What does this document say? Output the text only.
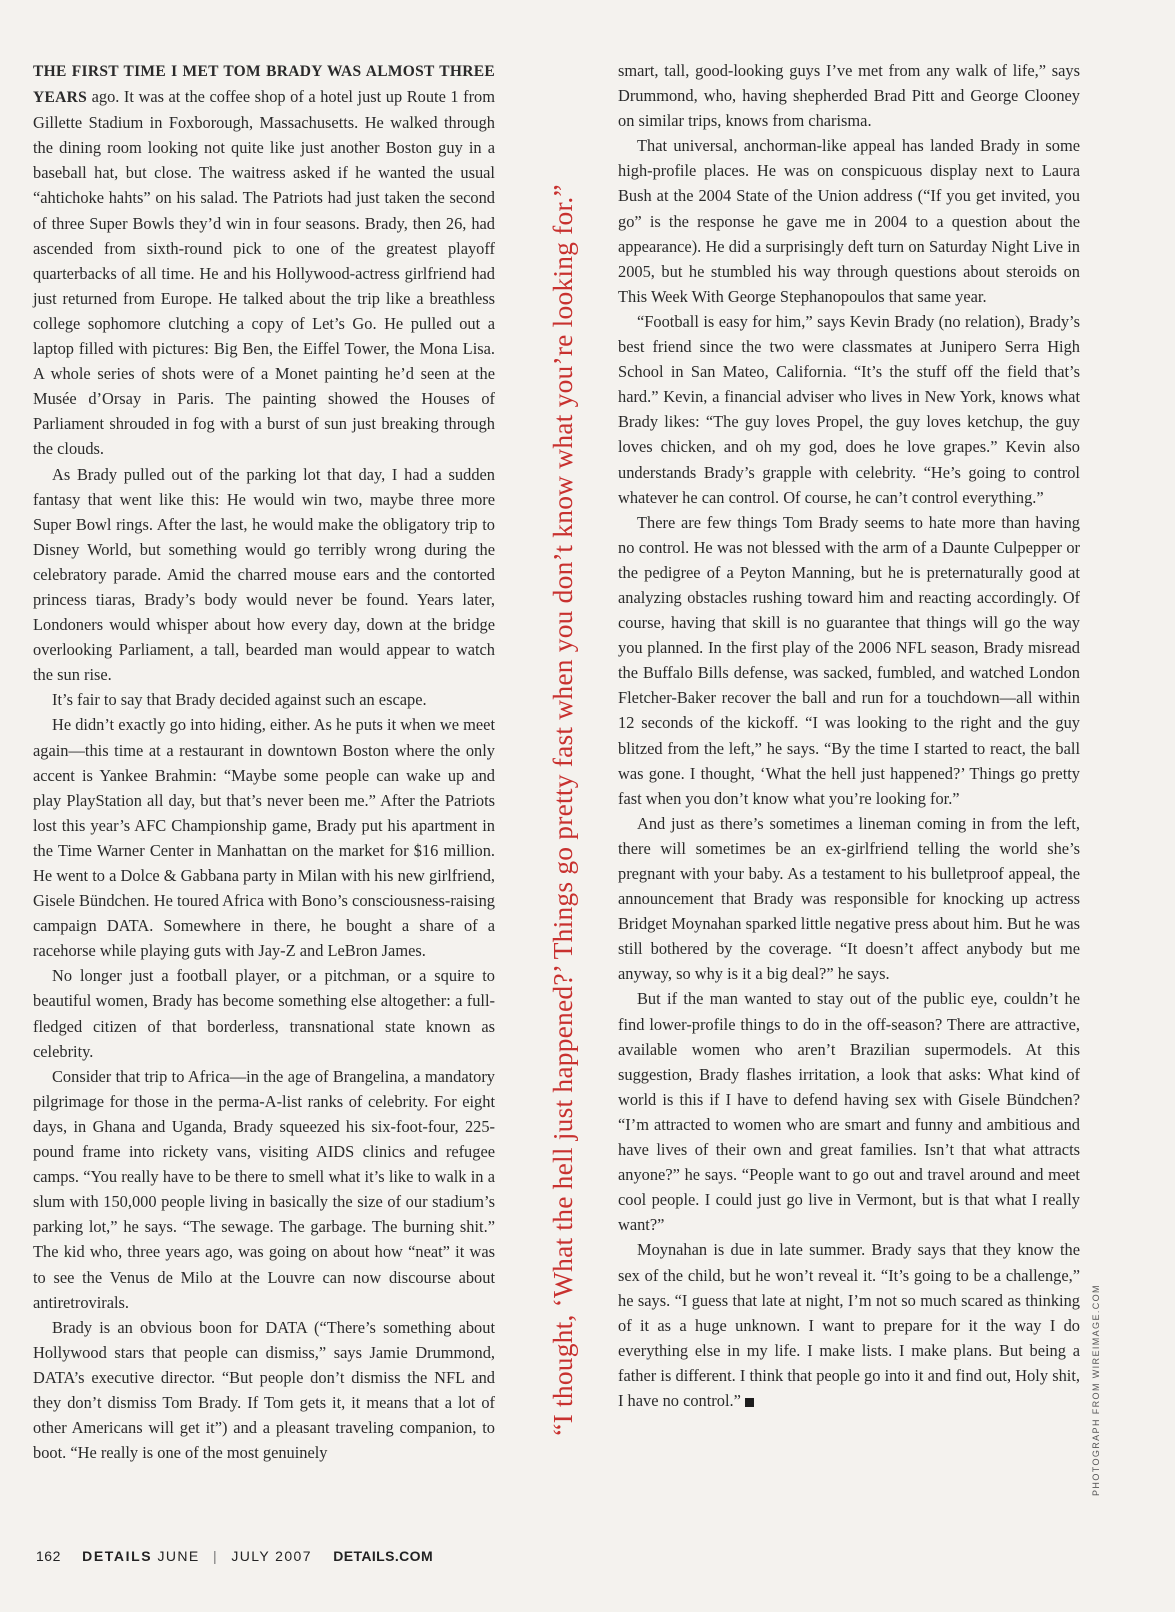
THE FIRST TIME I MET TOM BRADY WAS ALMOST THREE YEARS ago. It was at the coffee shop of a hotel just up Route 1 from Gillette Stadium in Foxborough, Massachusetts. He walked through the dining room looking not quite like just another Boston guy in a baseball hat, but close. The waitress asked if he wanted the usual “ahtichoke hahts” on his salad. The Patriots had just taken the second of three Super Bowls they’d win in four seasons. Brady, then 26, had ascended from sixth-round pick to one of the greatest playoff quarterbacks of all time. He and his Hollywood-actress girlfriend had just returned from Europe. He talked about the trip like a breathless college sophomore clutching a copy of Let’s Go. He pulled out a laptop filled with pictures: Big Ben, the Eiffel Tower, the Mona Lisa. A whole series of shots were of a Monet painting he’d seen at the Musée d’Orsay in Paris. The painting showed the Houses of Parliament shrouded in fog with a burst of sun just breaking through the clouds.

As Brady pulled out of the parking lot that day, I had a sudden fantasy that went like this: He would win two, maybe three more Super Bowl rings. After the last, he would make the obligatory trip to Disney World, but something would go terribly wrong during the celebratory parade. Amid the charred mouse ears and the contorted princess tiaras, Brady’s body would never be found. Years later, Londoners would whisper about how every day, down at the bridge overlooking Parliament, a tall, bearded man would appear to watch the sun rise.

It’s fair to say that Brady decided against such an escape.

He didn’t exactly go into hiding, either. As he puts it when we meet again—this time at a restaurant in downtown Boston where the only accent is Yankee Brahmin: “Maybe some people can wake up and play PlayStation all day, but that’s never been me.” After the Patriots lost this year’s AFC Championship game, Brady put his apartment in the Time Warner Center in Manhattan on the market for $16 million. He went to a Dolce & Gabbana party in Milan with his new girlfriend, Gisele Bündchen. He toured Africa with Bono’s consciousness-raising campaign DATA. Somewhere in there, he bought a share of a racehorse while playing guts with Jay-Z and LeBron James.

No longer just a football player, or a pitchman, or a squire to beautiful women, Brady has become something else altogether: a full-fledged citizen of that borderless, transnational state known as celebrity.

Consider that trip to Africa—in the age of Brangelina, a mandatory pilgrimage for those in the perma-A-list ranks of celebrity. For eight days, in Ghana and Uganda, Brady squeezed his six-foot-four, 225-pound frame into rickety vans, visiting AIDS clinics and refugee camps. “You really have to be there to smell what it’s like to walk in a slum with 150,000 people living in basically the size of our stadium’s parking lot,” he says. “The sewage. The garbage. The burning shit.” The kid who, three years ago, was going on about how “neat” it was to see the Venus de Milo at the Louvre can now discourse about antiretrovirals.

Brady is an obvious boon for DATA (“There’s something about Hollywood stars that people can dismiss,” says Jamie Drummond, DATA’s executive director. “But people don’t dismiss the NFL and they don’t dismiss Tom Brady. If Tom gets it, it means that a lot of other Americans will get it”) and a pleasant traveling companion, to boot. “He really is one of the most genuinely

“I thought, ‘What the hell just happened?’ Things go pretty fast when you don’t know what you’re looking for.”

smart, tall, good-looking guys I’ve met from any walk of life,” says Drummond, who, having shepherded Brad Pitt and George Clooney on similar trips, knows from charisma.

That universal, anchorman-like appeal has landed Brady in some high-profile places. He was on conspicuous display next to Laura Bush at the 2004 State of the Union address (“If you get invited, you go” is the response he gave me in 2004 to a question about the appearance). He did a surprisingly deft turn on Saturday Night Live in 2005, but he stumbled his way through questions about steroids on This Week With George Stephanopoulos that same year.

“Football is easy for him,” says Kevin Brady (no relation), Brady’s best friend since the two were classmates at Junipero Serra High School in San Mateo, California. “It’s the stuff off the field that’s hard.” Kevin, a financial adviser who lives in New York, knows what Brady likes: “The guy loves Propel, the guy loves ketchup, the guy loves chicken, and oh my god, does he love grapes.” Kevin also understands Brady’s grapple with celebrity. “He’s going to control whatever he can control. Of course, he can’t control everything.”

There are few things Tom Brady seems to hate more than having no control. He was not blessed with the arm of a Daunte Culpepper or the pedigree of a Peyton Manning, but he is preternaturally good at analyzing obstacles rushing toward him and reacting accordingly. Of course, having that skill is no guarantee that things will go the way you planned. In the first play of the 2006 NFL season, Brady misread the Buffalo Bills defense, was sacked, fumbled, and watched London Fletcher-Baker recover the ball and run for a touchdown—all within 12 seconds of the kickoff. “I was looking to the right and the guy blitzed from the left,” he says. “By the time I started to react, the ball was gone. I thought, ‘What the hell just happened?’ Things go pretty fast when you don’t know what you’re looking for.”

And just as there’s sometimes a lineman coming in from the left, there will sometimes be an ex-girlfriend telling the world she’s pregnant with your baby. As a testament to his bulletproof appeal, the announcement that Brady was responsible for knocking up actress Bridget Moynahan sparked little negative press about him. But he was still bothered by the coverage. “It doesn’t affect anybody but me anyway, so why is it a big deal?” he says.

But if the man wanted to stay out of the public eye, couldn’t he find lower-profile things to do in the off-season? There are attractive, available women who aren’t Brazilian supermodels. At this suggestion, Brady flashes irritation, a look that asks: What kind of world is this if I have to defend having sex with Gisele Bündchen? “I’m attracted to women who are smart and funny and ambitious and have lives of their own and great families. Isn’t that what attracts anyone?” he says. “People want to go out and travel around and meet cool people. I could just go live in Vermont, but is that what I really want?”

Moynahan is due in late summer. Brady says that they know the sex of the child, but he won’t reveal it. “It’s going to be a challenge,” he says. “I guess that late at night, I’m not so much scared as thinking of it as a huge unknown. I want to prepare for it the way I do everything else in my life. I make lists. I make plans. But being a father is different. I think that people go into it and find out, Holy shit, I have no control.”	PHOTOGRAPH FROM WIREIMAGE.COM
162 DETAILS JUNE | JULY 2007 DETAILS.COM
